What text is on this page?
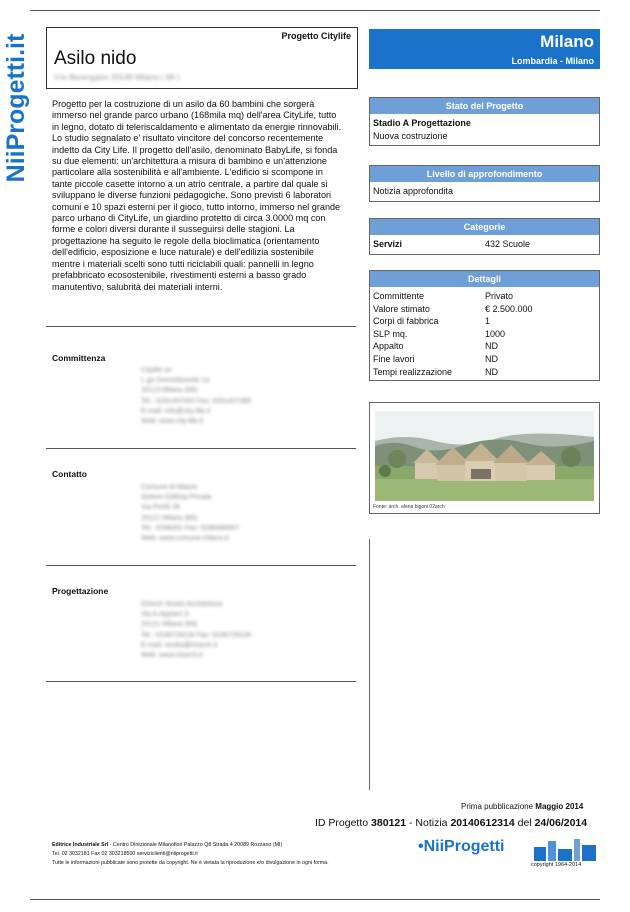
NiiProgetti.it	Progetto Citylife
Asilo nido
V.le Berengario 20149 Milano ( MI )
Progetto per la costruzione di un asilo da 60 bambini che sorgerà immerso nel grande parco urbano (168mila mq) dell'area CityLife, tutto in legno, dotato di teleriscaldamento e alimentato da energie rinnovabili. Lo studio segnalato e' risultato vincitore del concorso recentemente indetto da City Life. Il progetto dell'asilo, denominato BabyLife, si fonda su due elementi: un'architettura a misura di bambino e un'attenzione particolare alla sostenibilità e all'ambiente. L'edificio si scompone in tante piccole casette intorno a un atrio centrale, a partire dal quale si sviluppano le diverse funzioni pedagogiche. Sono previsti 6 laboratori comuni e 10 spazi esterni per il gioco, tutto intorno, immerso nel grande parco urbano di CityLife, un giardino protetto di circa 3.0000 mq con forme e colori diversi durante il susseguirsi delle stagioni. La progettazione ha seguito le regole della bioclimatica (orientamento dell'edificio, esposizione e luce naturale) e dell'edilizia sostenibile mentre i materiali scelti sono tutti riciclabili quali: pannelli in legno prefabbricato ecosostenibile, rivestimenti esterni a basso grado manutentivo, salubrità dei materiali interni.
Committenza
Citylife srl
L.go Domodossola 1a
20123 Milano (MI)
Tel.: 0291437300 Fax: 0291437380
E-mail: info@city-life.it
Web: www.city-life.it
Contatto
Comune di Milano
Settore Edilizia Privata
Via Pirelli 39
20121 Milano (MI)
Tel.: 0288451 Fax: 0288466907
Web: www.comune.milano.it
Progettazione
02Arch Studio Architettura
Via A.Appiani 3
20121 Milano (MI)
Tel.: 0236728134 Fax: 0236728136
E-mail: studio@02arch.it
Web: www.02arch.it
Milano
Lombardia - Milano
Stato del Progetto
Stadio A Progettazione
Nuova costruzione
Livello di approfondimento
Notizia approfondita
Categorie
Servizi	432 Scuole
Dettagli
Committente	Privato
Valore stimato	€ 2.500.000
Corpi di fabbrica	1
SLP mq.	1000
Appalto	ND
Fine lavori	ND
Tempi realizzazione	ND
Fonte: arch. elena bigoni 02arch
Prima pubblicazione Maggio 2014
ID Progetto 380121 - Notizia 20140612314 del 24/06/2014
Editrice Industriale Srl - Centro Direzionale Milanofiori Palazzo Q8 Strada 4 20089 Rozzano (MI)
Tel. 02 3032181 Fax 02 303218500 serviziclienti@niiprogetti.it
Tutte le informazioni pubblicate sono protette da copyright. Ne è vietata la riproduzione e/o divulgazione in ogni forma.
•NiiProgetti
copyright 1964-2014
